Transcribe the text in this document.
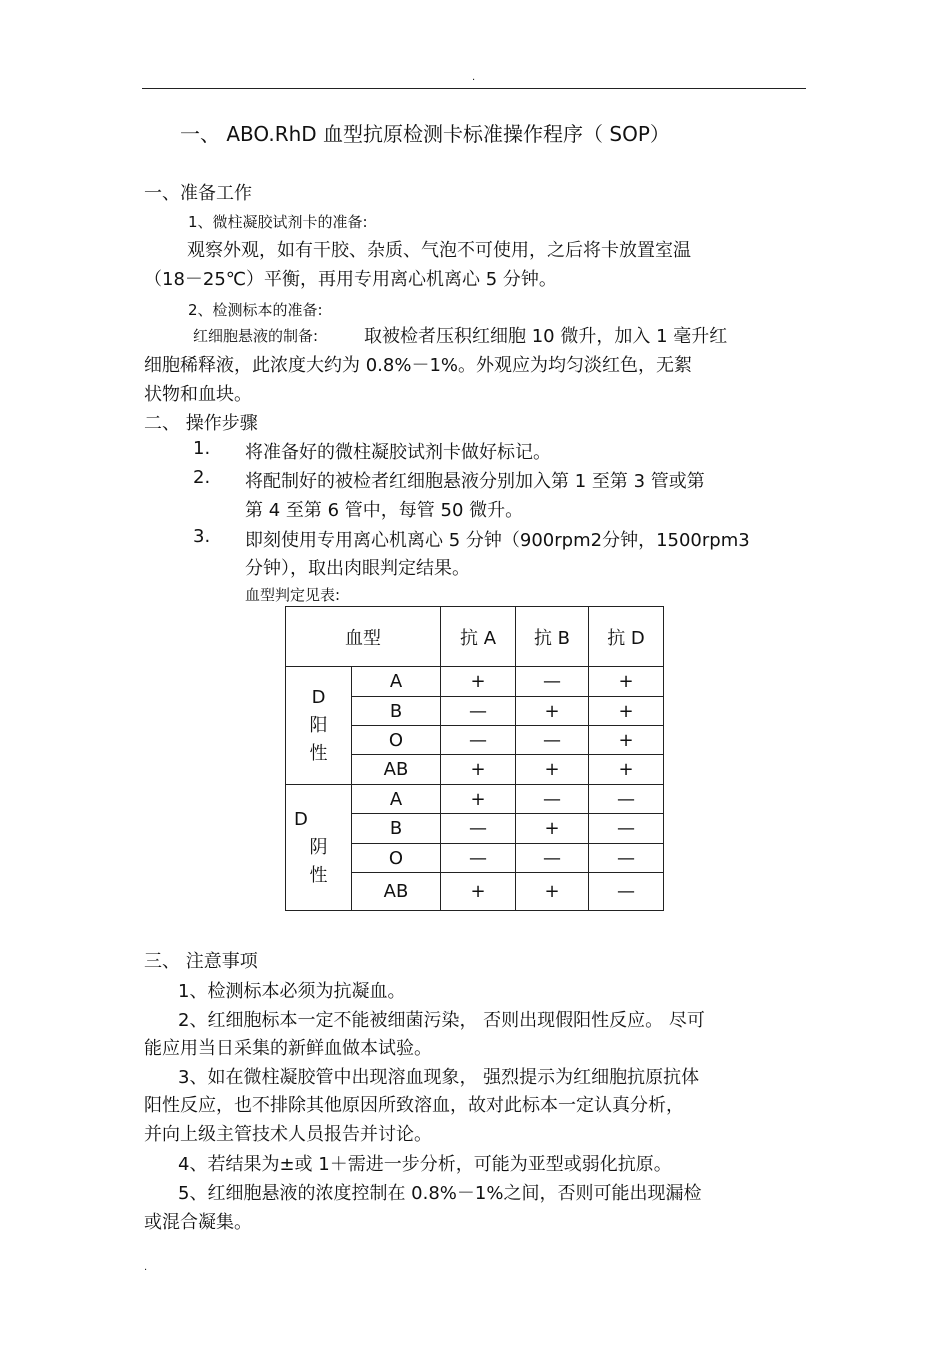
.
一、 ABO.RhD 血型抗原检测卡标准操作程序（ SOP）
一、准备工作
1、微柱凝胶试剂卡的准备:
观察外观，如有干胶、杂质、气泡不可使用，之后将卡放置室温
（18－25℃）平衡，再用专用离心机离心 5 分钟。
2、检测标本的准备:
红细胞悬液的制备:	取被检者压积红细胞 10 微升，加入 1 毫升红
细胞稀释液，此浓度大约为 0.8%－1%。外观应为均匀淡红色，无絮
状物和血块。
二、 操作步骤
1. 将准备好的微柱凝胶试剂卡做好标记。
2. 将配制好的被检者红细胞悬液分别加入第 1 至第 3 管或第
第 4 至第 6 管中，每管 50 微升。
3. 即刻使用专用离心机离心 5 分钟（900rpm2分钟，1500rpm3
分钟），取出肉眼判定结果。
血型判定见表:
血型		抗 A	抗 B	抗 D

D
阳
性	A	+	—	+
	B	—	+	+
	O	—	—	+
	AB	+	+	+

D
阴
性	A	+	—	—
	B	—	+	—
	O	—	—	—
	AB	+	+	—
三、 注意事项
1、检测标本必须为抗凝血。
2、红细胞标本一定不能被细菌污染， 否则出现假阳性反应。 尽可
能应用当日采集的新鲜血做本试验。
3、如在微柱凝胶管中出现溶血现象， 强烈提示为红细胞抗原抗体
阳性反应，也不排除其他原因所致溶血，故对此标本一定认真分析，
并向上级主管技术人员报告并讨论。
4、若结果为±或 1＋需进一步分析，可能为亚型或弱化抗原。
5、红细胞悬液的浓度控制在 0.8%－1%之间，否则可能出现漏检
或混合凝集。
.
